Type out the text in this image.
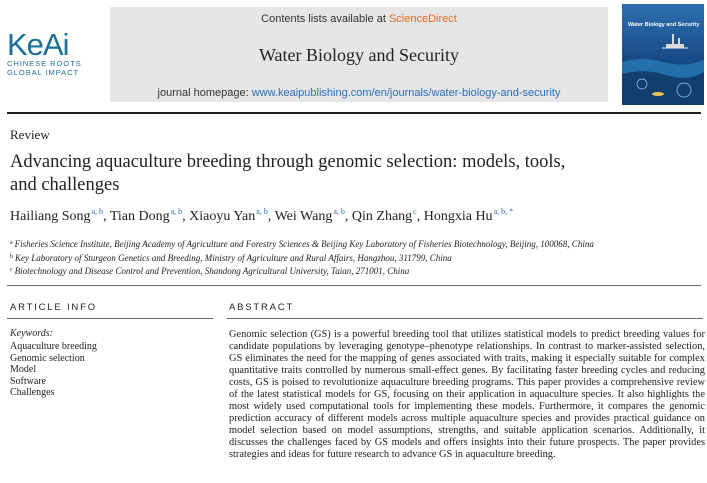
KeAi
CHINESE ROOTS
GLOBAL IMPACT
Contents lists available at ScienceDirect
Water Biology and Security
journal homepage: www.keaipublishing.com/en/journals/water-biology-and-security
Water Biology and Security
Review
Advancing aquaculture breeding through genomic selection: models, tools,
and challenges
Hailiang Song$^{a, b}$, Tian Dong$^{a, b}$, Xiaoyu Yan$^{a, b}$, Wei Wang$^{a, b}$, Qin Zhang$^c$, Hongxia $Hu^{a, b, *}$
$^a$ Fisheries Science Institute, Beijing Academy of Agriculture and Forestry Sciences & Beijing Key Laboratory of Fisheries Biotechnology, Beijing, 100068, China
$^b$ Key Laboratory of Sturgeon Genetics and Breeding, Ministry of Agriculture and Rural Affairs, Hangzhou, 311799, China
$^c$ Biotechnology and Disease Control and Prevention, Shandong Agricultural University, Taian, 271001, China
ARTICLE INFO	ABSTRACT
Keywords:
Aquaculture breeding
Genomic selection
Model
Software
Challenges
Genomic selection (GS) is a powerful breeding tool that utilizes statistical models to predict breeding values for
candidate populations by leveraging genotype–phenotype relationships. In contrast to marker-assisted selection,
GS eliminates the need for the mapping of genes associated with traits, making it especially suitable for complex
quantitative traits controlled by numerous small-effect genes. By facilitating faster breeding cycles and reducing
costs, GS is poised to revolutionize aquaculture breeding programs. This paper provides a comprehensive review
of the latest statistical models for GS, focusing on their application in aquaculture species. It also highlights the
most widely used computational tools for implementing these models. Furthermore, it compares the genomic
prediction accuracy of different models across multiple aquaculture species and provides practical guidance on
model selection based on model assumptions, strengths, and suitable application scenarios. Additionally, it
discusses the challenges faced by GS models and offers insights into their future prospects. The paper provides
strategies and ideas for future research to advance GS in aquaculture breeding.
